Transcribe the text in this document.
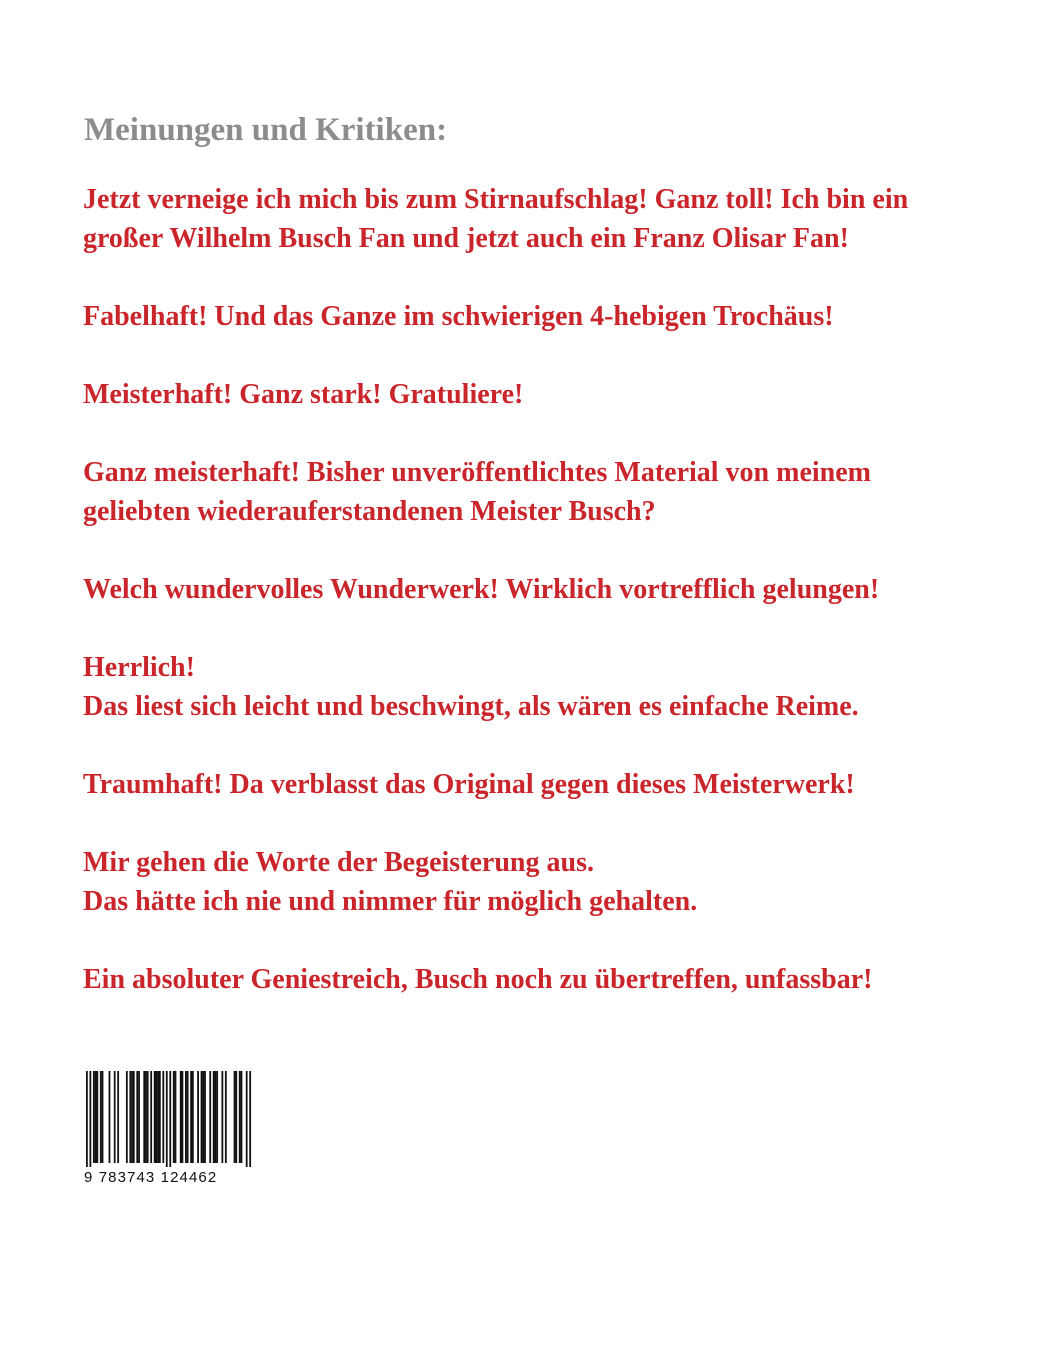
Meinungen und Kritiken:

Jetzt verneige ich mich bis zum Stirnaufschlag! Ganz toll! Ich bin ein
großer Wilhelm Busch Fan und jetzt auch ein Franz Olisar Fan!

Fabelhaft! Und das Ganze im schwierigen 4-hebigen Trochäus!

Meisterhaft! Ganz stark! Gratuliere!

Ganz meisterhaft! Bisher unveröffentlichtes Material von meinem
geliebten wiederauferstandenen Meister Busch?

Welch wundervolles Wunderwerk! Wirklich vortrefflich gelungen!

Herrlich!
Das liest sich leicht und beschwingt, als wären es einfache Reime.

Traumhaft! Da verblasst das Original gegen dieses Meisterwerk!

Mir gehen die Worte der Begeisterung aus.
Das hätte ich nie und nimmer für möglich gehalten.

Ein absoluter Geniestreich, Busch noch zu übertreffen, unfassbar!

9 783743 124462
